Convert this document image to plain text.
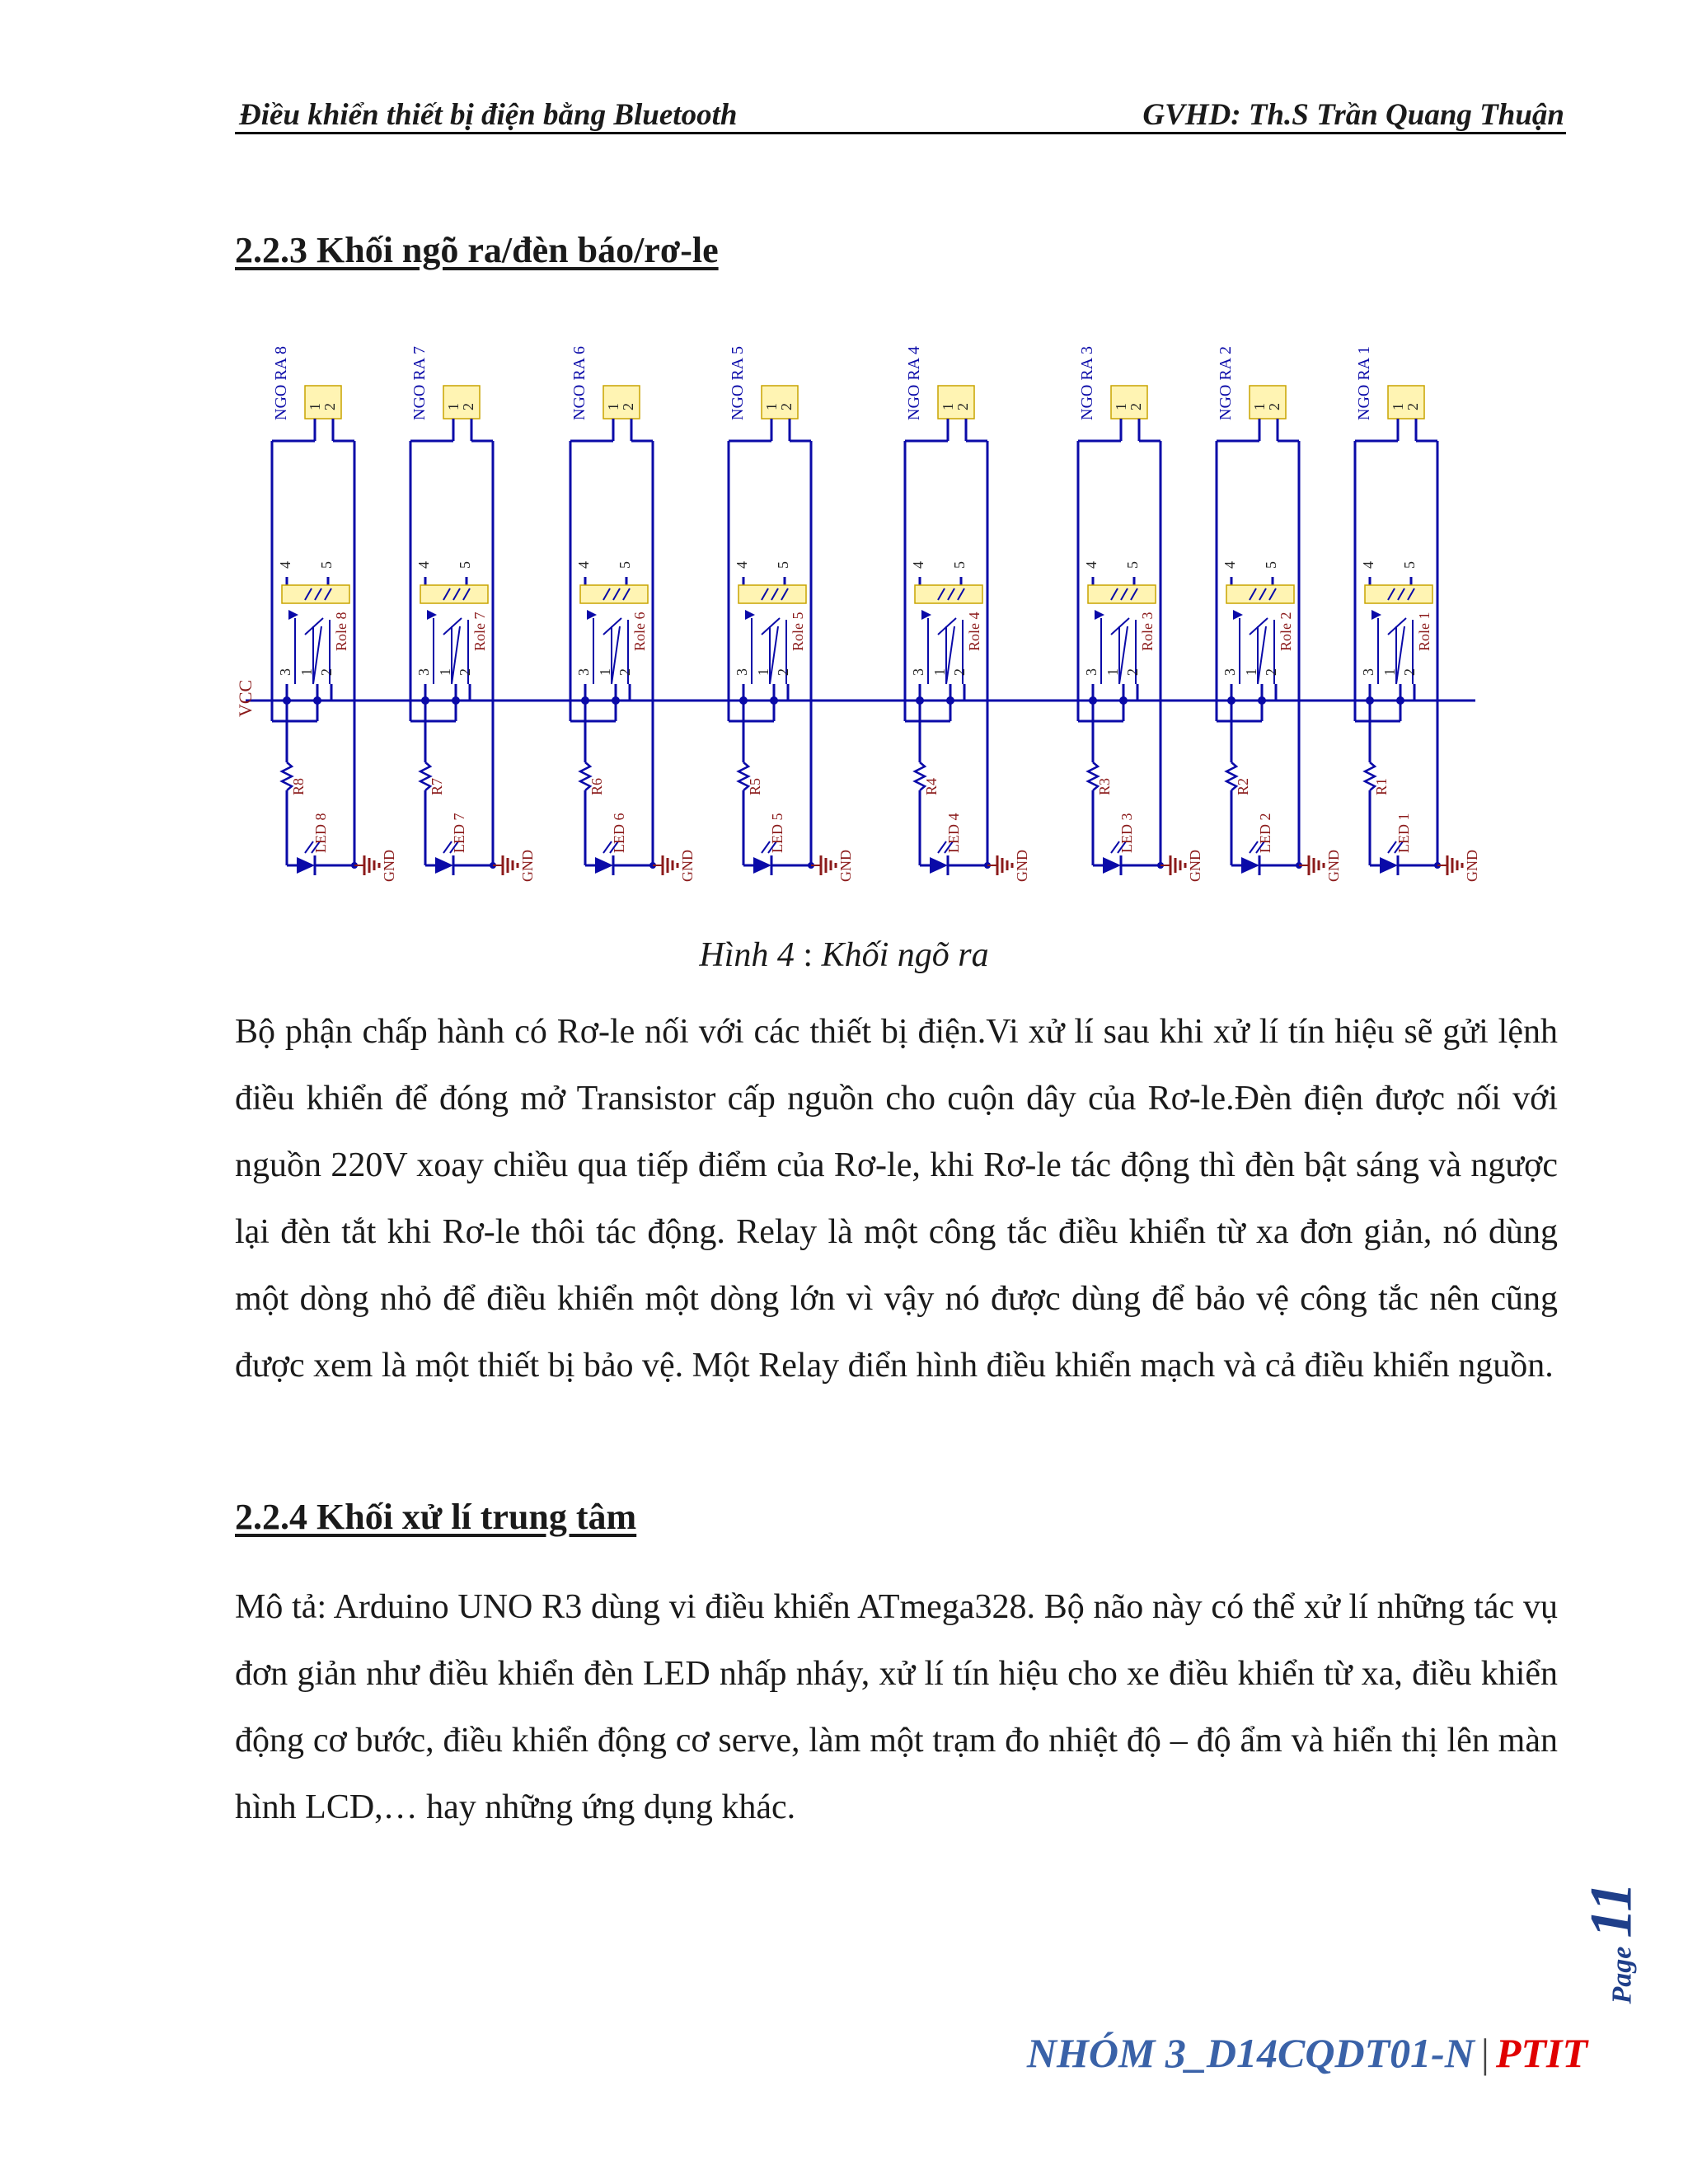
Điều khiển thiết bị điện bằng Bluetooth	GVHD: Th.S Trần Quang Thuận
2.2.3 Khối ngõ ra/đèn báo/rơ-le
VCC
NGO RA 8 1
2
4 5
Role 8
3 1 2
R8
LED 8
GND
NGO RA 7 1
2
4 5
Role 7
3 1 2
R7
LED 7
GND
NGO RA 6 1
2
4 5
Role 6
3 1 2
R6
LED 6
GND
NGO RA 5 1
2
4 5
Role 5
3 1 2
R5
LED 5
GND
NGO RA 4 1
2
4 5
Role 4
3 1 2
R4
LED 4
GND
NGO RA 3 1
2
4 5
Role 3
3 1 2
R3
LED 3
GND
NGO RA 2 1
2
4 5
Role 2
3 1 2
R2
LED 2
GND
NGO RA 1 1
2
4 5
Role 1
3 1 2
R1
LED 1
GND
Hình 4 : Khối ngõ ra

Bộ phận chấp hành có Rơ-le nối với các thiết bị điện.Vi xử lí sau khi xử lí tín hiệu sẽ gửi lệnh điều khiển để đóng mở Transistor cấp nguồn cho cuộn dây của Rơ-le.Đèn điện được nối với nguồn 220V xoay chiều qua tiếp điểm của Rơ-le, khi Rơ-le tác động thì đèn bật sáng và ngược lại đèn tắt khi Rơ-le thôi tác động. Relay là một công tắc điều khiển từ xa đơn giản, nó dùng một dòng nhỏ để điều khiển một dòng lớn vì vậy nó được dùng để bảo vệ công tắc nên cũng được xem là một thiết bị bảo vệ. Một Relay điển hình điều khiển mạch và cả điều khiển nguồn.

2.2.4 Khối xử lí trung tâm

Mô tả: Arduino UNO R3 dùng vi điều khiển ATmega328. Bộ não này có thể xử lí những tác vụ đơn giản như điều khiển đèn LED nhấp nháy, xử lí tín hiệu cho xe điều khiển từ xa, điều khiển động cơ bước, điều khiển động cơ serve, làm một trạm đo nhiệt độ – độ ẩm và hiển thị lên màn hình LCD,… hay những ứng dụng khác.

Page11
NHÓM 3_D14CQDT01-N | PTIT
